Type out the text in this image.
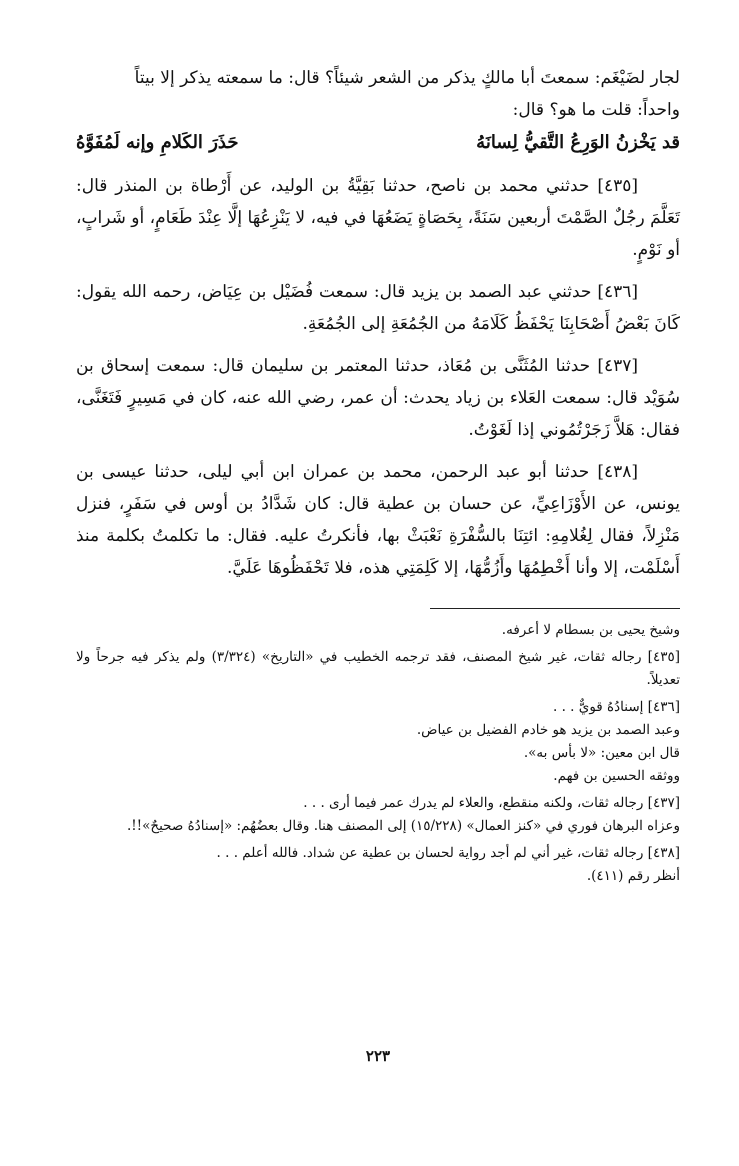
لجار لضَيْغَم: سمعتَ أبا مالكٍ يذكر من الشعر شيئاً؟ قال: ما سمعته يذكر إلا بيتاً

واحداً: قلت ما هو؟ قال:

قد يَخْزنُ الوَرِعُ التَّقيُّ لِسانَهُ
حَذَرَ الكَلامِ وإنه لَمُفَوَّهُ

[٤٣٥] حدثني محمد بن ناصح، حدثنا بَقِيَّةُ بن الوليد، عن أَرْطاة بن المنذر قال: تَعَلَّمَ رجُلٌ الصَّمْتَ أربعين سَنَةً، بِحَصَاةٍ يَضَعُهَا في فيه، لا يَنْزِعُهَا إلَّا عِنْدَ طَعَامٍ، أو شَرابٍ، أو نَوْمٍ.

[٤٣٦] حدثني عبد الصمد بن يزيد قال: سمعت فُضَيْل بن عِيَاض، رحمه الله يقول: كَانَ بَعْضُ أَصْحَابِنَا يَحْفَظُ كَلَامَهُ من الجُمُعَةِ إلى الجُمُعَةِ.

[٤٣٧] حدثنا المُثَنَّى بن مُعَاذ، حدثنا المعتمر بن سليمان قال: سمعت إسحاق بن سُوَيْد قال: سمعت العَلاء بن زياد يحدث: أن عمر، رضي الله عنه، كان في مَسِيرٍ فَتَغَنَّى، فقال: هَلاَّ زَجَرْتُمُوني إذا لَغَوْتُ.

[٤٣٨] حدثنا أبو عبد الرحمن، محمد بن عمران ابن أبي ليلى، حدثنا عيسى بن يونس، عن الأَوْزَاعِيِّ، عن حسان بن عطية قال: كان شَدَّادُ بن أوس في سَفَرٍ، فنزل مَنْزِلاً، فقال لِغُلامِهِ: ائتِنَا بالسُّفْرَةِ نَعْبَثْ بها، فأنكرتُ عليه. فقال: ما تكلمتُ بكلمة منذ أَسْلَمْت، إلا وأنا أَخْطِمُهَا وأَزُمُّهَا، إلا كَلِمَتِي هذه، فلا تَحْفَظُوهَا عَلَيَّ.

وشيخ يحيى بن بسطام لا أعرفه.

[٤٣٥] رجاله ثقات، غير شيخ المصنف، فقد ترجمه الخطيب في «التاريخ» (٣/٣٢٤) ولم يذكر فيه جرحاً ولا تعديلاً.

[٤٣٦] إسنادُهُ قويٌّ . . .

وعبد الصمد بن يزيد هو خادم الفضيل بن عياض.

قال ابن معين: «لا بأس به».

ووثقه الحسين بن فهم.

[٤٣٧] رجاله ثقات، ولكنه منقطع، والعلاء لم يدرك عمر فيما أرى . . .

وعزاه البرهان فوري في «كنز العمال» (١٥/٢٢٨) إلى المصنف هنا. وقال بعضُهُم: «إسنادُهُ صحيحٌ»!!.

[٤٣٨] رجاله ثقات، غير أني لم أجد رواية لحسان بن عطية عن شداد. فالله أعلم . . .

أنظر رقم (٤١١).

٢٢٣
